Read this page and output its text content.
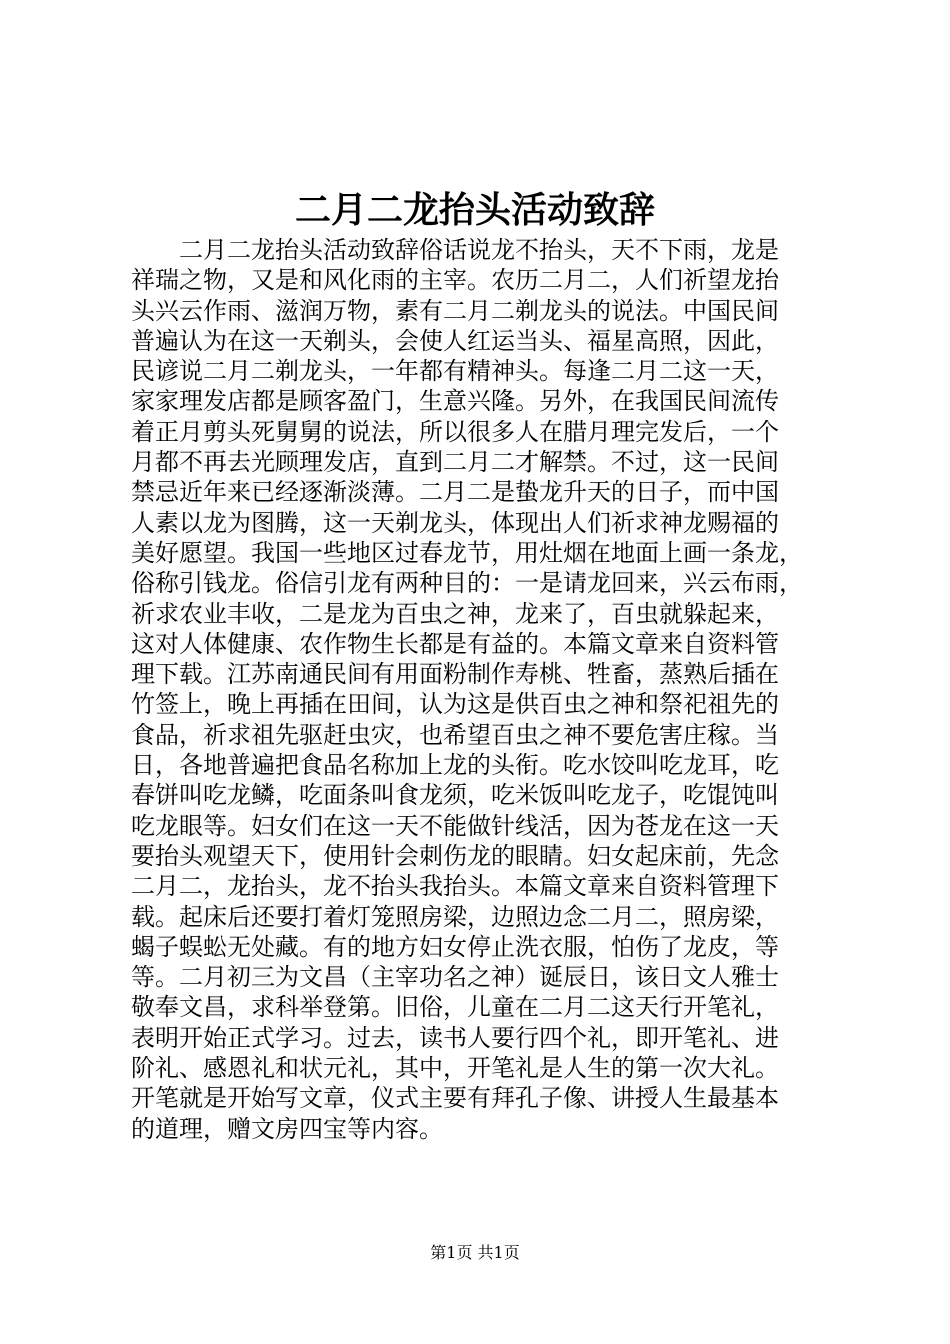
二月二龙抬头活动致辞
　　二月二龙抬头活动致辞俗话说龙不抬头，天不下雨，龙是
祥瑞之物，又是和风化雨的主宰。农历二月二，人们祈望龙抬
头兴云作雨、滋润万物，素有二月二剃龙头的说法。中国民间
普遍认为在这一天剃头，会使人红运当头、福星高照，因此，
民谚说二月二剃龙头，一年都有精神头。每逢二月二这一天，
家家理发店都是顾客盈门，生意兴隆。另外，在我国民间流传
着正月剪头死舅舅的说法，所以很多人在腊月理完发后，一个
月都不再去光顾理发店，直到二月二才解禁。不过，这一民间
禁忌近年来已经逐渐淡薄。二月二是蛰龙升天的日子，而中国
人素以龙为图腾，这一天剃龙头，体现出人们祈求神龙赐福的
美好愿望。我国一些地区过春龙节，用灶烟在地面上画一条龙，
俗称引钱龙。俗信引龙有两种目的：一是请龙回来，兴云布雨，
祈求农业丰收，二是龙为百虫之神，龙来了，百虫就躲起来，
这对人体健康、农作物生长都是有益的。本篇文章来自资料管
理下载。江苏南通民间有用面粉制作寿桃、牲畜，蒸熟后插在
竹签上，晚上再插在田间，认为这是供百虫之神和祭祀祖先的
食品，祈求祖先驱赶虫灾，也希望百虫之神不要危害庄稼。当
日，各地普遍把食品名称加上龙的头衔。吃水饺叫吃龙耳，吃
春饼叫吃龙鳞，吃面条叫食龙须，吃米饭叫吃龙子，吃馄饨叫
吃龙眼等。妇女们在这一天不能做针线活，因为苍龙在这一天
要抬头观望天下，使用针会刺伤龙的眼睛。妇女起床前，先念
二月二，龙抬头，龙不抬头我抬头。本篇文章来自资料管理下
载。起床后还要打着灯笼照房梁，边照边念二月二，照房梁，
蝎子蜈蚣无处藏。有的地方妇女停止洗衣服，怕伤了龙皮，等
等。二月初三为文昌（主宰功名之神）诞辰日，该日文人雅士
敬奉文昌，求科举登第。旧俗，儿童在二月二这天行开笔礼，
表明开始正式学习。过去，读书人要行四个礼，即开笔礼、进
阶礼、感恩礼和状元礼，其中，开笔礼是人生的第一次大礼。
开笔就是开始写文章，仪式主要有拜孔子像、讲授人生最基本
的道理，赠文房四宝等内容。
第1页 共1页
